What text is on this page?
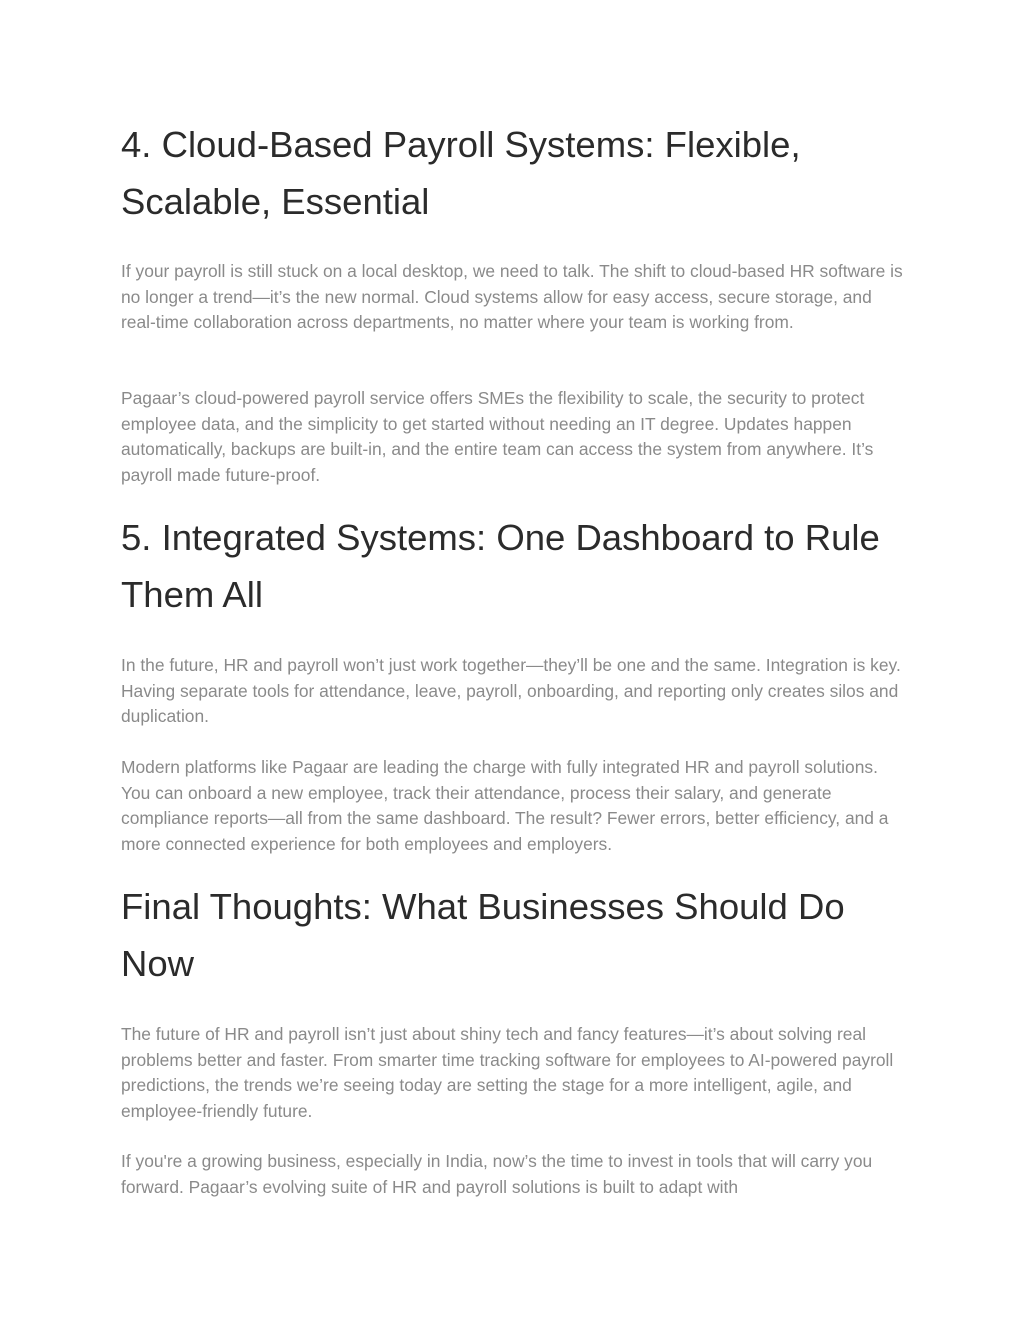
4. Cloud-Based Payroll Systems: Flexible, Scalable, Essential

If your payroll is still stuck on a local desktop, we need to talk. The shift to cloud-based HR software is no longer a trend—it’s the new normal. Cloud systems allow for easy access, secure storage, and real-time collaboration across departments, no matter where your team is working from.

Pagaar’s cloud-powered payroll service offers SMEs the flexibility to scale, the security to protect employee data, and the simplicity to get started without needing an IT degree. Updates happen automatically, backups are built-in, and the entire team can access the system from anywhere. It’s payroll made future-proof.

5. Integrated Systems: One Dashboard to Rule Them All

In the future, HR and payroll won’t just work together—they’ll be one and the same. Integration is key. Having separate tools for attendance, leave, payroll, onboarding, and reporting only creates silos and duplication.

Modern platforms like Pagaar are leading the charge with fully integrated HR and payroll solutions. You can onboard a new employee, track their attendance, process their salary, and generate compliance reports—all from the same dashboard. The result? Fewer errors, better efficiency, and a more connected experience for both employees and employers.

Final Thoughts: What Businesses Should Do Now

The future of HR and payroll isn’t just about shiny tech and fancy features—it’s about solving real problems better and faster. From smarter time tracking software for employees to AI-powered payroll predictions, the trends we’re seeing today are setting the stage for a more intelligent, agile, and employee-friendly future.

If you're a growing business, especially in India, now’s the time to invest in tools that will carry you forward. Pagaar’s evolving suite of HR and payroll solutions is built to adapt with
